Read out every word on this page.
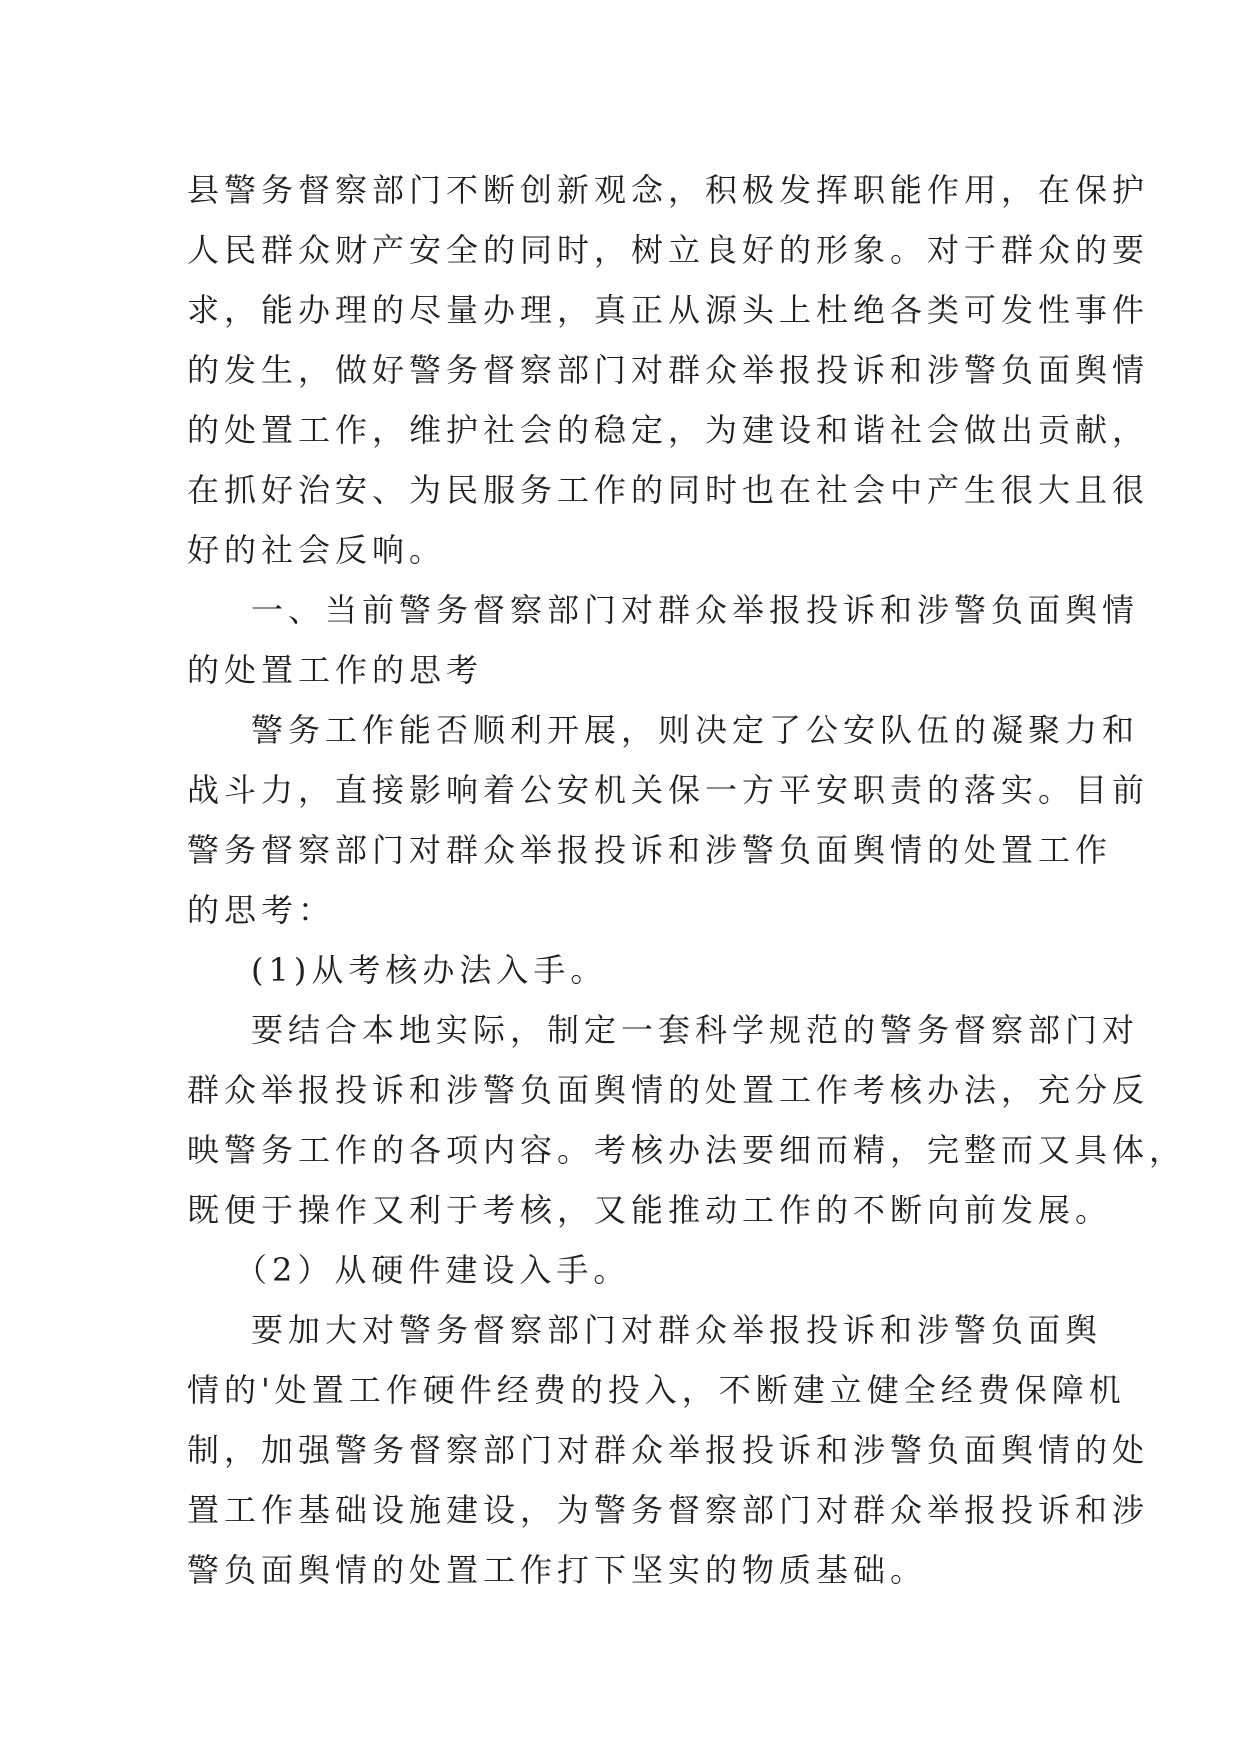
县警务督察部门不断创新观念，积极发挥职能作用，在保护
人民群众财产安全的同时，树立良好的形象。对于群众的要
求，能办理的尽量办理，真正从源头上杜绝各类可发性事件
的发生，做好警务督察部门对群众举报投诉和涉警负面舆情
的处置工作，维护社会的稳定，为建设和谐社会做出贡献，
在抓好治安、为民服务工作的同时也在社会中产生很大且很
好的社会反响。
一、当前警务督察部门对群众举报投诉和涉警负面舆情
的处置工作的思考
警务工作能否顺利开展，则决定了公安队伍的凝聚力和
战斗力，直接影响着公安机关保一方平安职责的落实。目前
警务督察部门对群众举报投诉和涉警负面舆情的处置工作
的思考：
(1)从考核办法入手。
要结合本地实际，制定一套科学规范的警务督察部门对
群众举报投诉和涉警负面舆情的处置工作考核办法，充分反
映警务工作的各项内容。考核办法要细而精，完整而又具体，
既便于操作又利于考核，又能推动工作的不断向前发展。
（2）从硬件建设入手。
要加大对警务督察部门对群众举报投诉和涉警负面舆
情的'处置工作硬件经费的投入，不断建立健全经费保障机
制，加强警务督察部门对群众举报投诉和涉警负面舆情的处
置工作基础设施建设，为警务督察部门对群众举报投诉和涉
警负面舆情的处置工作打下坚实的物质基础。
